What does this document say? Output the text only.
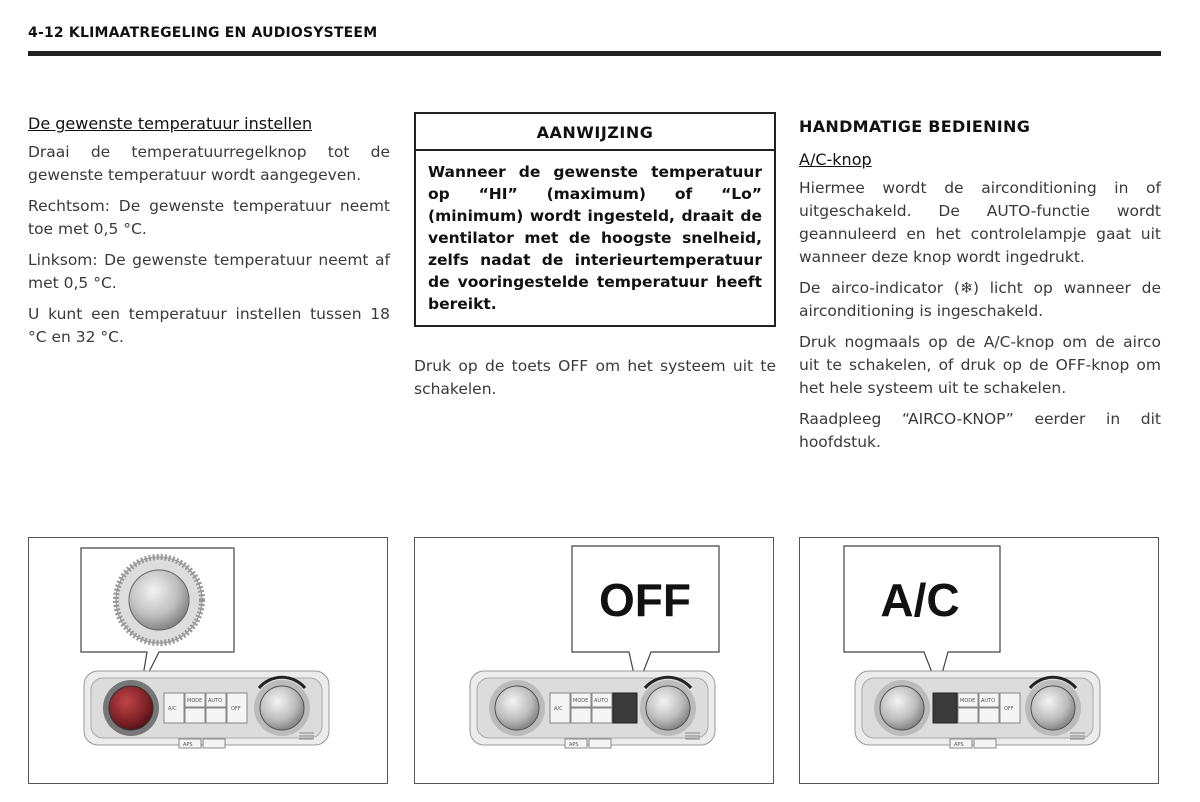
4-12 KLIMAATREGELING EN AUDIOSYSTEEM
De gewenste temperatuur instellen

Draai de temperatuurregelknop tot de gewenste temperatuur wordt aangegeven.

Rechtsom: De gewenste temperatuur neemt toe met 0,5 °C.

Linksom: De gewenste temperatuur neemt af met 0,5 °C.

U kunt een temperatuur instellen tussen 18 °C en 32 °C.

AANWIJZING
Wanneer de gewenste temperatuur op “HI” (maximum) of “Lo” (minimum) wordt ingesteld, draait de ventilator met de hoogste snelheid, zelfs nadat de interieurtemperatuur de vooringestelde temperatuur heeft bereikt.

Druk op de toets OFF om het systeem uit te schakelen.

HANDMATIGE BEDIENING
A/C-knop

Hiermee wordt de airconditioning in of uitgeschakeld. De AUTO-functie wordt geannuleerd en het controlelampje gaat uit wanneer deze knop wordt ingedrukt.

De airco-indicator (❄) licht op wanneer de airconditioning is ingeschakeld.

Druk nogmaals op de A/C-knop om de airco uit te schakelen, of druk op de OFF-knop om het hele systeem uit te schakelen.

Raadpleeg “AIRCO-KNOP” eerder in dit hoofdstuk.

A/C
MODE AUTO
OFF
APS
OFF
A/C
MODE AUTO
APS
A/C
MODE AUTO
OFF
APS
